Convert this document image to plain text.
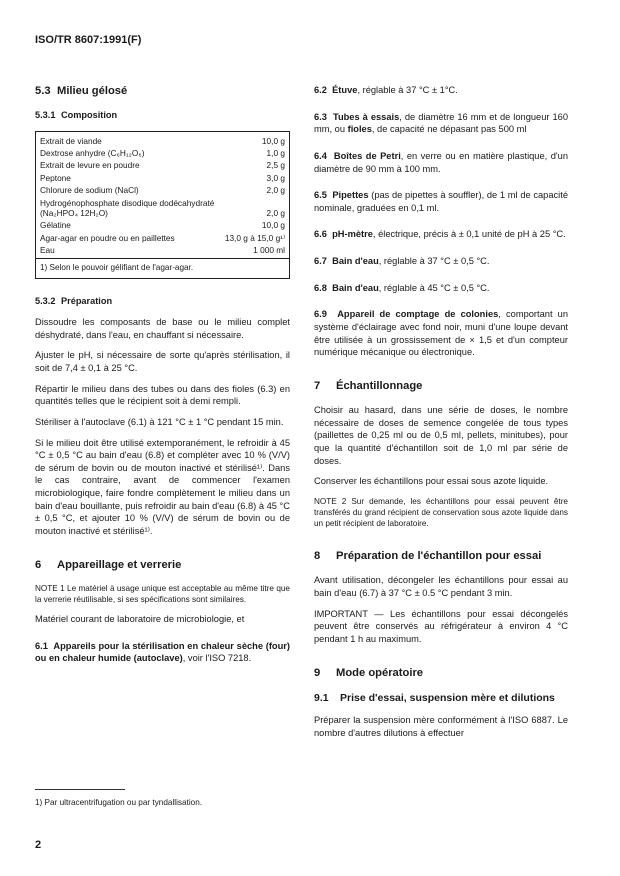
ISO/TR 8607:1991(F)
5.3 Milieu gélosé
5.3.1 Composition
Extrait de viande	10,0 g
Dextrose anhydre (C₆H₁₂O₆)	1,0 g
Extrait de levure en poudre	2,5 g
Peptone	3,0 g
Chlorure de sodium (NaCl)	2,0 g
Hydrogénophosphate disodique dodécahydraté (Na₂HPO₄ 12H₂O)	2,0 g
Gélatine	10,0 g
Agar-agar en poudre ou en paillettes	13,0 g à 15,0 g¹⁾
Eau	1 000 ml
1) Selon le pouvoir gélifiant de l'agar-agar.
5.3.2 Préparation

Dissoudre les composants de base ou le milieu complet déshydraté, dans l'eau, en chauffant si nécessaire.

Ajuster le pH, si nécessaire de sorte qu'après stérilisation, il soit de 7,4 ± 0,1 à 25 °C.

Répartir le milieu dans des tubes ou dans des fioles (6.3) en quantités telles que le récipient soit à demi rempli.

Stériliser à l'autoclave (6.1) à 121 °C ± 1 °C pendant 15 min.

Si le milieu doit être utilisé extemporanément, le refroidir à 45 °C ± 0,5 °C au bain d'eau (6.8) et compléter avec 10 % (V/V) de sérum de bovin ou de mouton inactivé et stérilisé¹⁾. Dans le cas contraire, avant de commencer l'examen microbiologique, faire fondre complètement le milieu dans un bain d'eau bouillante, puis refroidir au bain d'eau (6.8) à 45 °C ± 0,5 °C, et ajouter 10 % (V/V) de sérum de bovin ou de mouton inactivé et stérilisé¹⁾.

6 Appareillage et verrerie

NOTE 1 Le matériel à usage unique est acceptable au même titre que la verrerie réutilisable, si ses spécifications sont similaires.

Matériel courant de laboratoire de microbiologie, et

6.1 Appareils pour la stérilisation en chaleur sèche (four) ou en chaleur humide (autoclave), voir l'ISO 7218.

6.2 Étuve, réglable à 37 °C ± 1°C.

6.3 Tubes à essais, de diamètre 16 mm et de longueur 160 mm, ou fioles, de capacité ne dépasant pas 500 ml

6.4 Boîtes de Petri, en verre ou en matière plastique, d'un diamètre de 90 mm à 100 mm.

6.5 Pipettes (pas de pipettes à souffler), de 1 ml de capacité nominale, graduées en 0,1 ml.

6.6 pH-mètre, électrique, précis à ± 0,1 unité de pH à 25 °C.

6.7 Bain d'eau, réglable à 37 °C ± 0,5 °C.

6.8 Bain d'eau, réglable à 45 °C ± 0,5 °C.

6.9 Appareil de comptage de colonies, comportant un système d'éclairage avec fond noir, muni d'une loupe devant être utilisée à un grossissement de × 1,5 et d'un compteur numérique mécanique ou électronique.

7 Échantillonnage

Choisir au hasard, dans une série de doses, le nombre nécessaire de doses de semence congelée de tous types (paillettes de 0,25 ml ou de 0,5 ml, pellets, minitubes), pour que la quantité d'échantillon soit de 1,0 ml par série de doses.

Conserver les échantillons pour essai sous azote liquide.

NOTE 2 Sur demande, les échantillons pour essai peuvent être transférés du grand récipient de conservation sous azote liquide dans un petit récipient de laboratoire.

8 Préparation de l'échantillon pour essai

Avant utilisation, décongeler les échantillons pour essai au bain d'eau (6.7) à 37 °C ± 0.5 °C pendant 3 min.

IMPORTANT — Les échantillons pour essai décongelés peuvent être conservés au réfrigérateur à environ 4 °C pendant 1 h au maximum.

9 Mode opératoire
9.1 Prise d'essai, suspension mère et dilutions

Préparer la suspension mère conformément à l'ISO 6887. Le nombre d'autres dilutions à effectuer

1) Par ultracentrifugation ou par tyndallisation.
2
